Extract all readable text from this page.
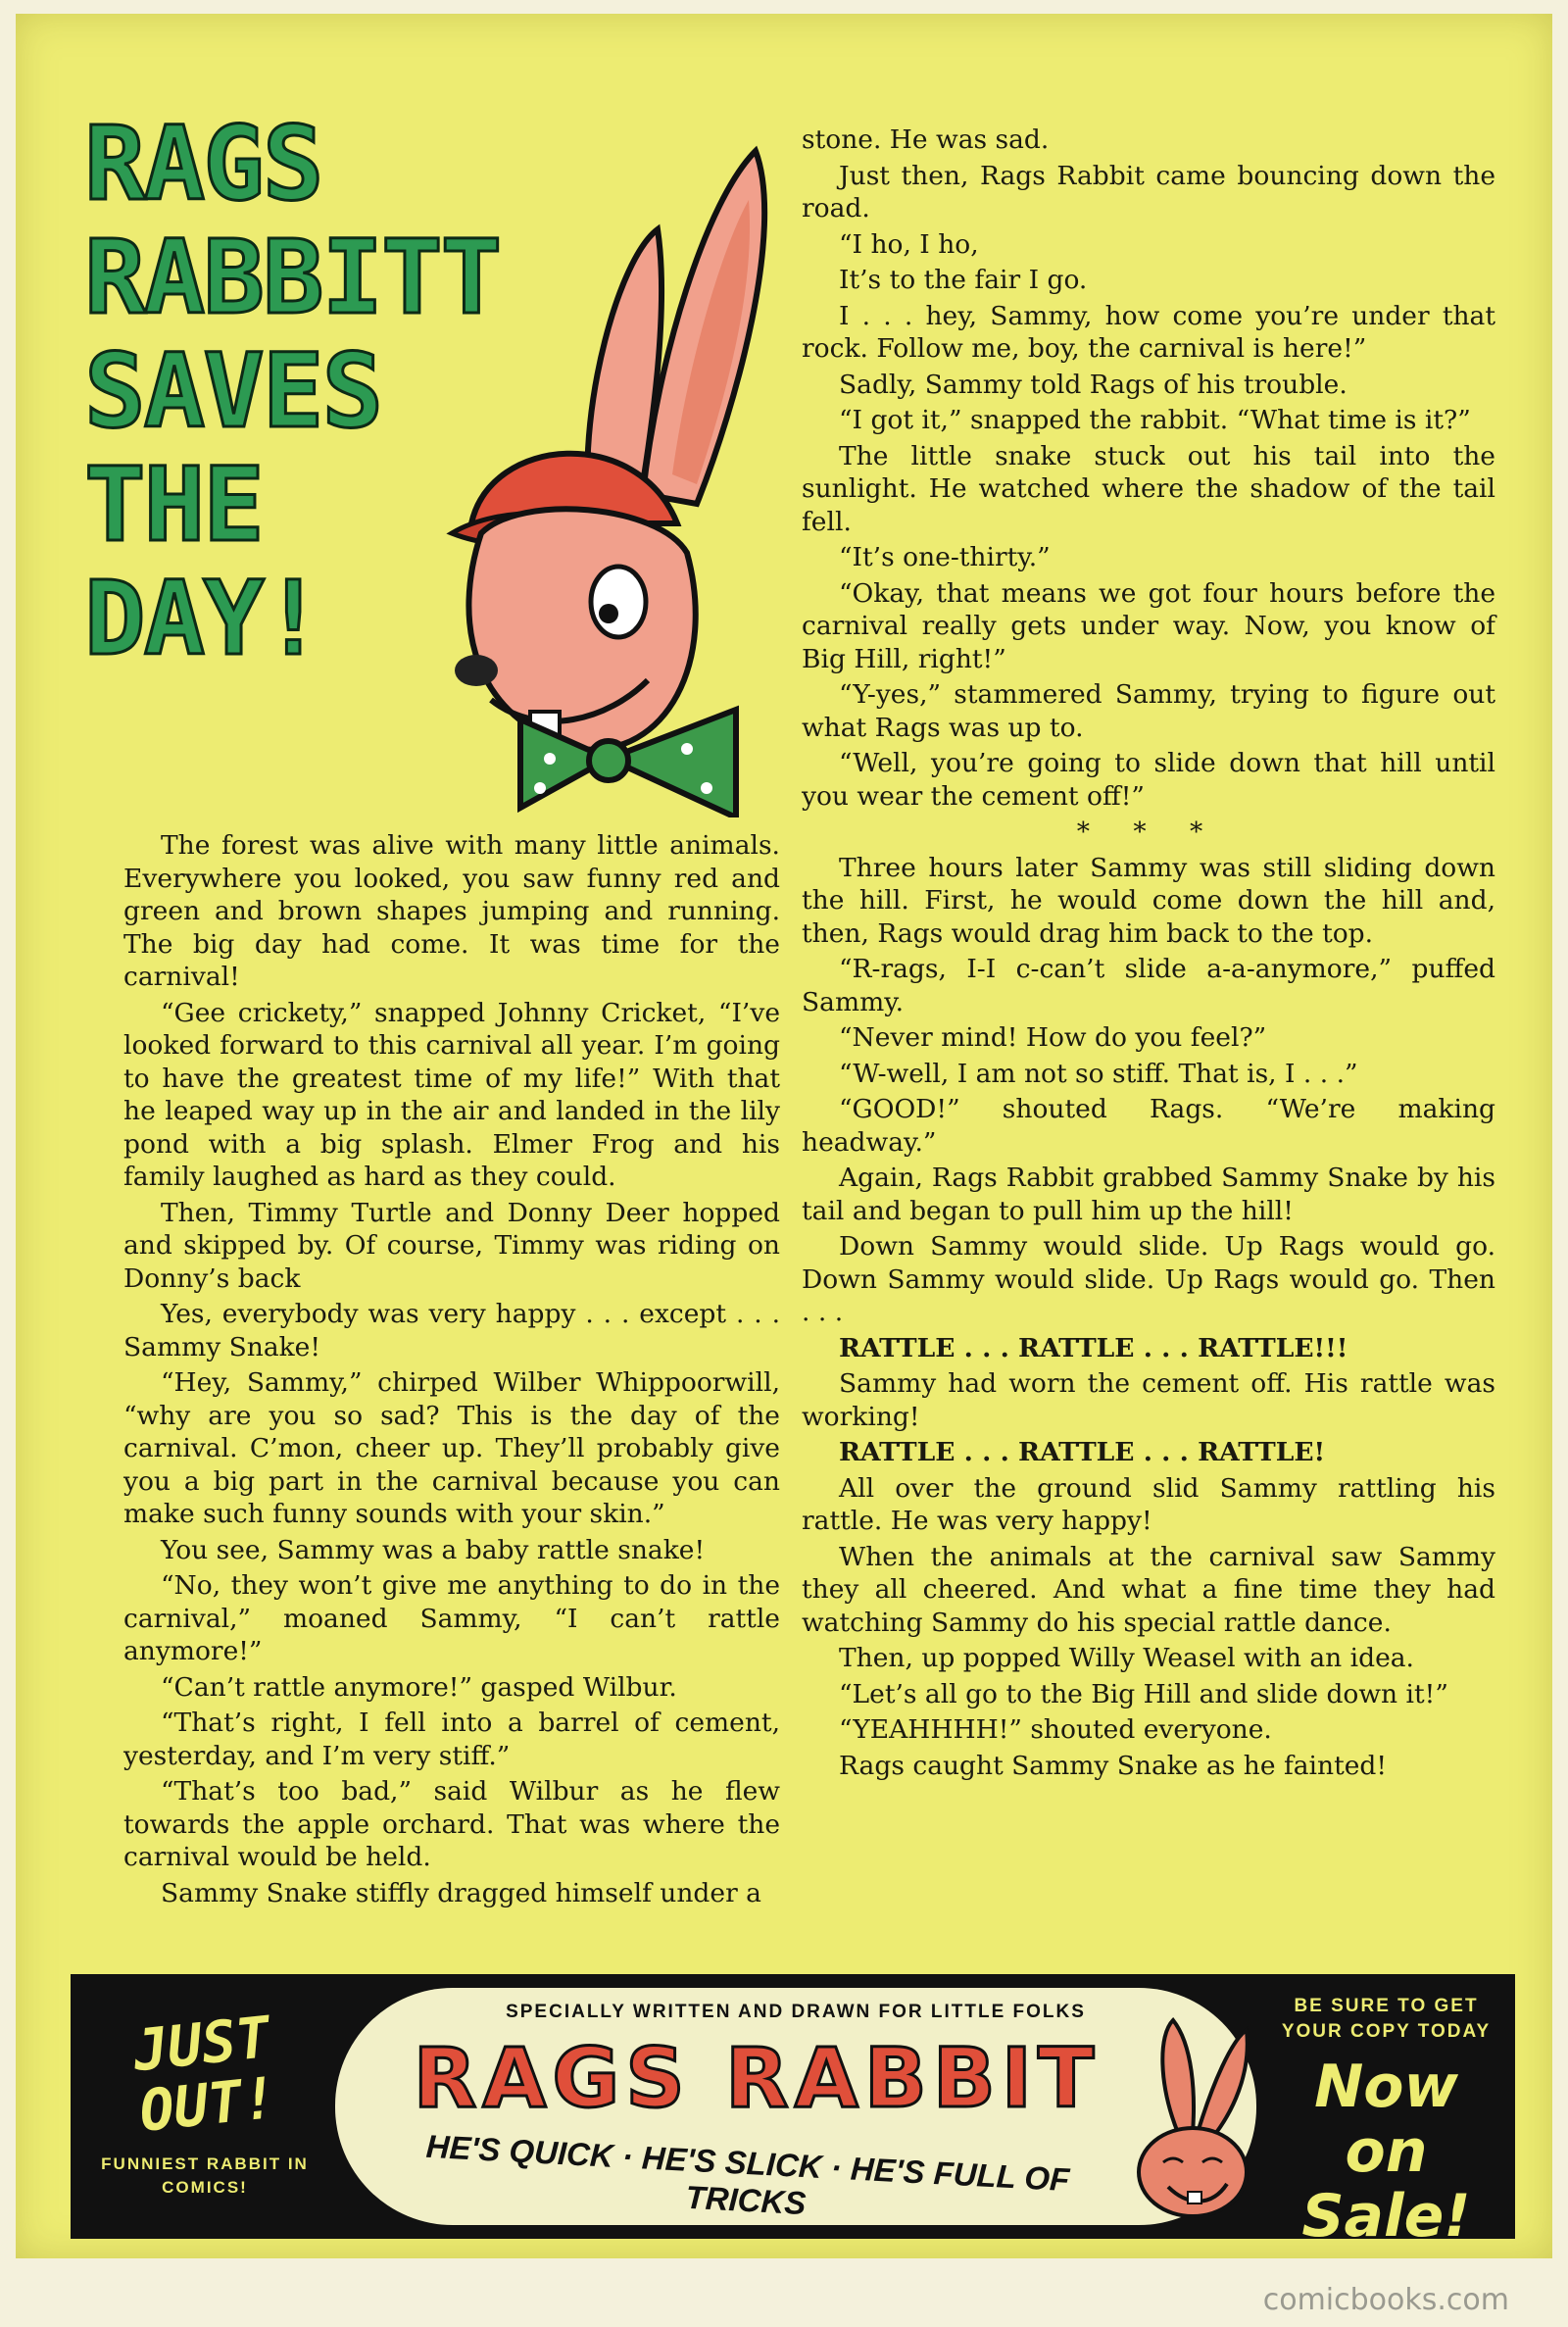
RAGS
RABBITT
SAVES
THE
DAY!

The forest was alive with many little animals. Everywhere you looked, you saw funny red and green and brown shapes jumping and running. The big day had come. It was time for the carnival!

“Gee crickety,” snapped Johnny Cricket, “I’ve looked forward to this carnival all year. I’m going to have the greatest time of my life!” With that he leaped way up in the air and landed in the lily pond with a big splash. Elmer Frog and his family laughed as hard as they could.

Then, Timmy Turtle and Donny Deer hopped and skipped by. Of course, Timmy was riding on Donny’s back

Yes, everybody was very happy . . . except . . . Sammy Snake!

“Hey, Sammy,” chirped Wilber Whippoorwill, “why are you so sad? This is the day of the carnival. C’mon, cheer up. They’ll probably give you a big part in the carnival because you can make such funny sounds with your skin.”

You see, Sammy was a baby rattle snake!

“No, they won’t give me anything to do in the carnival,” moaned Sammy, “I can’t rattle anymore!”

“Can’t rattle anymore!” gasped Wilbur.

“That’s right, I fell into a barrel of cement, yesterday, and I’m very stiff.”

“That’s too bad,” said Wilbur as he flew towards the apple orchard. That was where the carnival would be held.

Sammy Snake stiffly dragged himself under a

stone. He was sad.

Just then, Rags Rabbit came bouncing down the road.

“I ho, I ho,

It’s to the fair I go.

I . . . hey, Sammy, how come you’re under that rock. Follow me, boy, the carnival is here!”

Sadly, Sammy told Rags of his trouble.

“I got it,” snapped the rabbit. “What time is it?”

The little snake stuck out his tail into the sunlight. He watched where the shadow of the tail fell.

“It’s one-thirty.”

“Okay, that means we got four hours before the carnival really gets under way. Now, you know of Big Hill, right!”

“Y-yes,” stammered Sammy, trying to figure out what Rags was up to.

“Well, you’re going to slide down that hill until you wear the cement off!”

* * *

Three hours later Sammy was still sliding down the hill. First, he would come down the hill and, then, Rags would drag him back to the top.

“R-rags, I-I c-can’t slide a-a-anymore,” puffed Sammy.

“Never mind! How do you feel?”

“W-well, I am not so stiff. That is, I . . .”

“GOOD!” shouted Rags. “We’re making headway.”

Again, Rags Rabbit grabbed Sammy Snake by his tail and began to pull him up the hill!

Down Sammy would slide. Up Rags would go. Down Sammy would slide. Up Rags would go. Then . . .

RATTLE . . . RATTLE . . . RATTLE!!!

Sammy had worn the cement off. His rattle was working!

RATTLE . . . RATTLE . . . RATTLE!

All over the ground slid Sammy rattling his rattle. He was very happy!

When the animals at the carnival saw Sammy they all cheered. And what a fine time they had watching Sammy do his special rattle dance.

Then, up popped Willy Weasel with an idea.

“Let’s all go to the Big Hill and slide down it!”

“YEAHHHH!” shouted everyone.

Rags caught Sammy Snake as he fainted!

JUST OUT!

FUNNIEST RABBIT IN COMICS!

SPECIALLY WRITTEN AND DRAWN FOR LITTLE FOLKS

RAGS RABBIT

HE'S QUICK · HE'S SLICK · HE'S FULL OF TRICKS

BE SURE TO GET YOUR COPY TODAY

Now on Sale!

comicbooks.com
